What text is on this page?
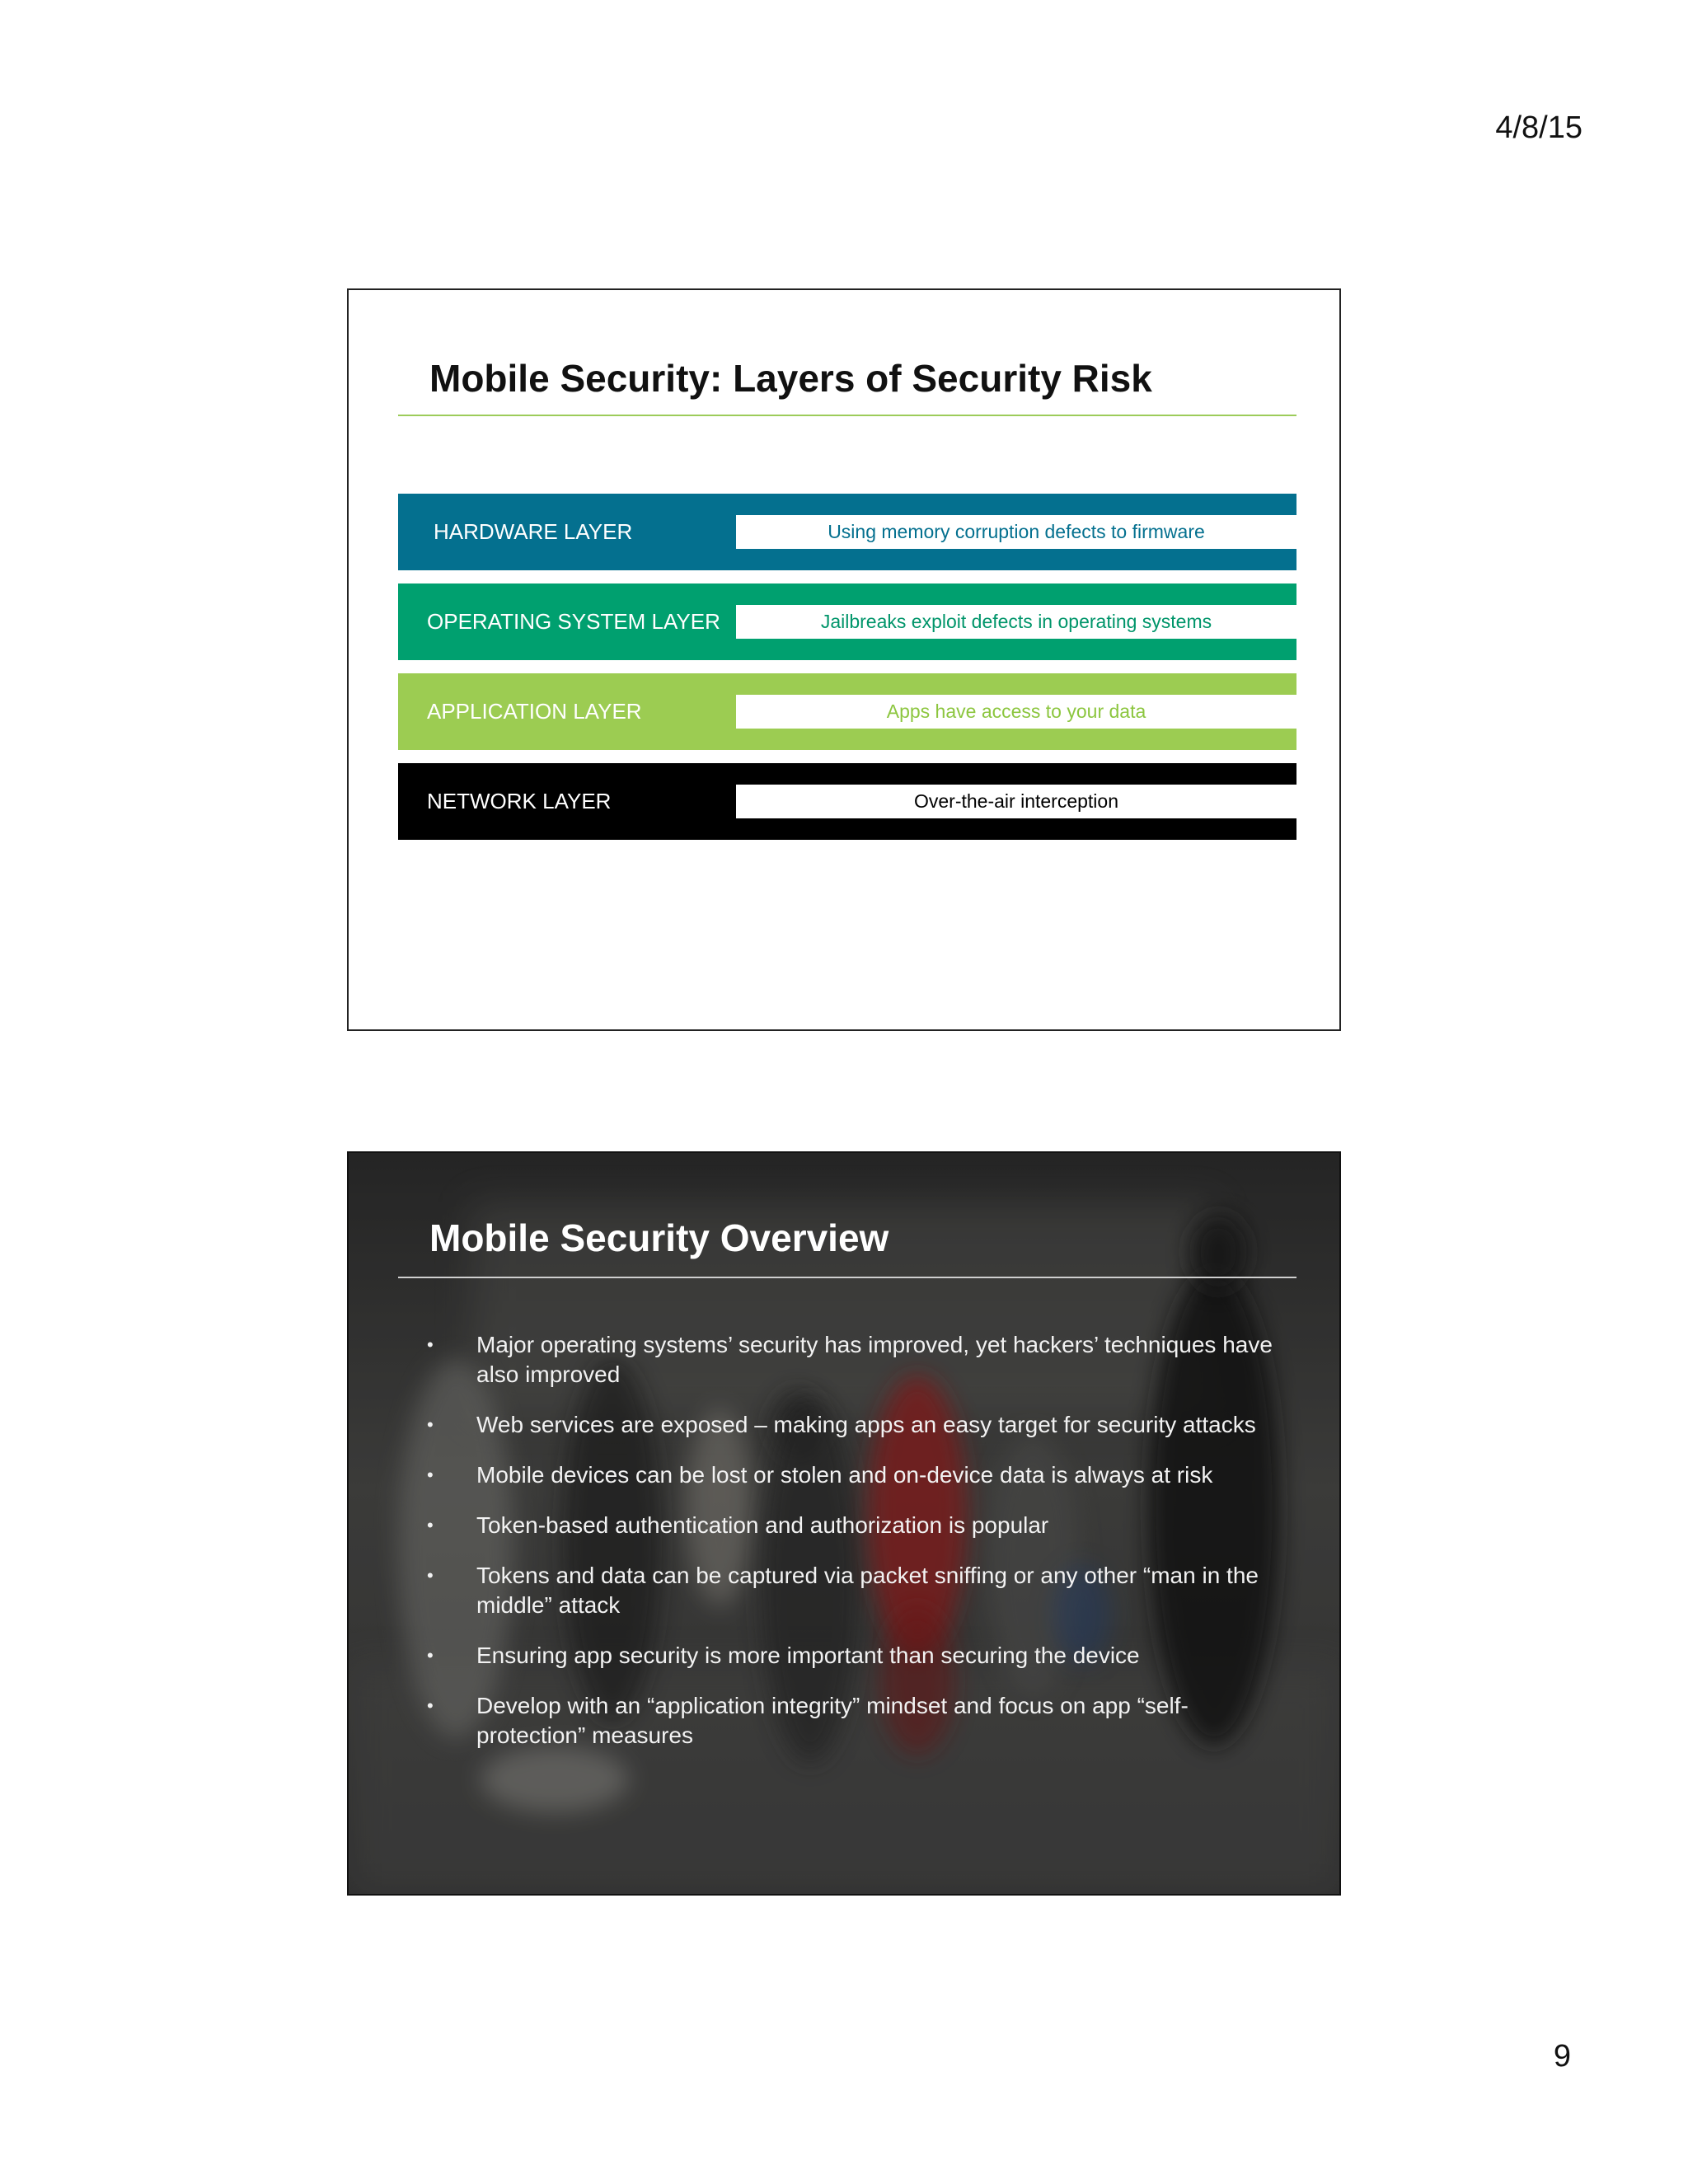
4/8/15
Mobile Security: Layers of Security Risk
HARDWARE LAYER	Using memory corruption defects to firmware
OPERATING SYSTEM LAYER	Jailbreaks exploit defects in operating systems
APPLICATION LAYER	Apps have access to your data
NETWORK LAYER	Over-the-air interception
Mobile Security Overview
•	Major operating systems’ security has improved, yet hackers’ techniques have also improved
•	Web services are exposed – making apps an easy target for security attacks
•	Mobile devices can be lost or stolen and on-device data is always at risk
•	Token-based authentication and authorization is popular
•	Tokens and data can be captured via packet sniffing or any other “man in the middle” attack
•	Ensuring app security is more important than securing the device
•	Develop with an “application integrity” mindset and focus on app “self-protection” measures
9
